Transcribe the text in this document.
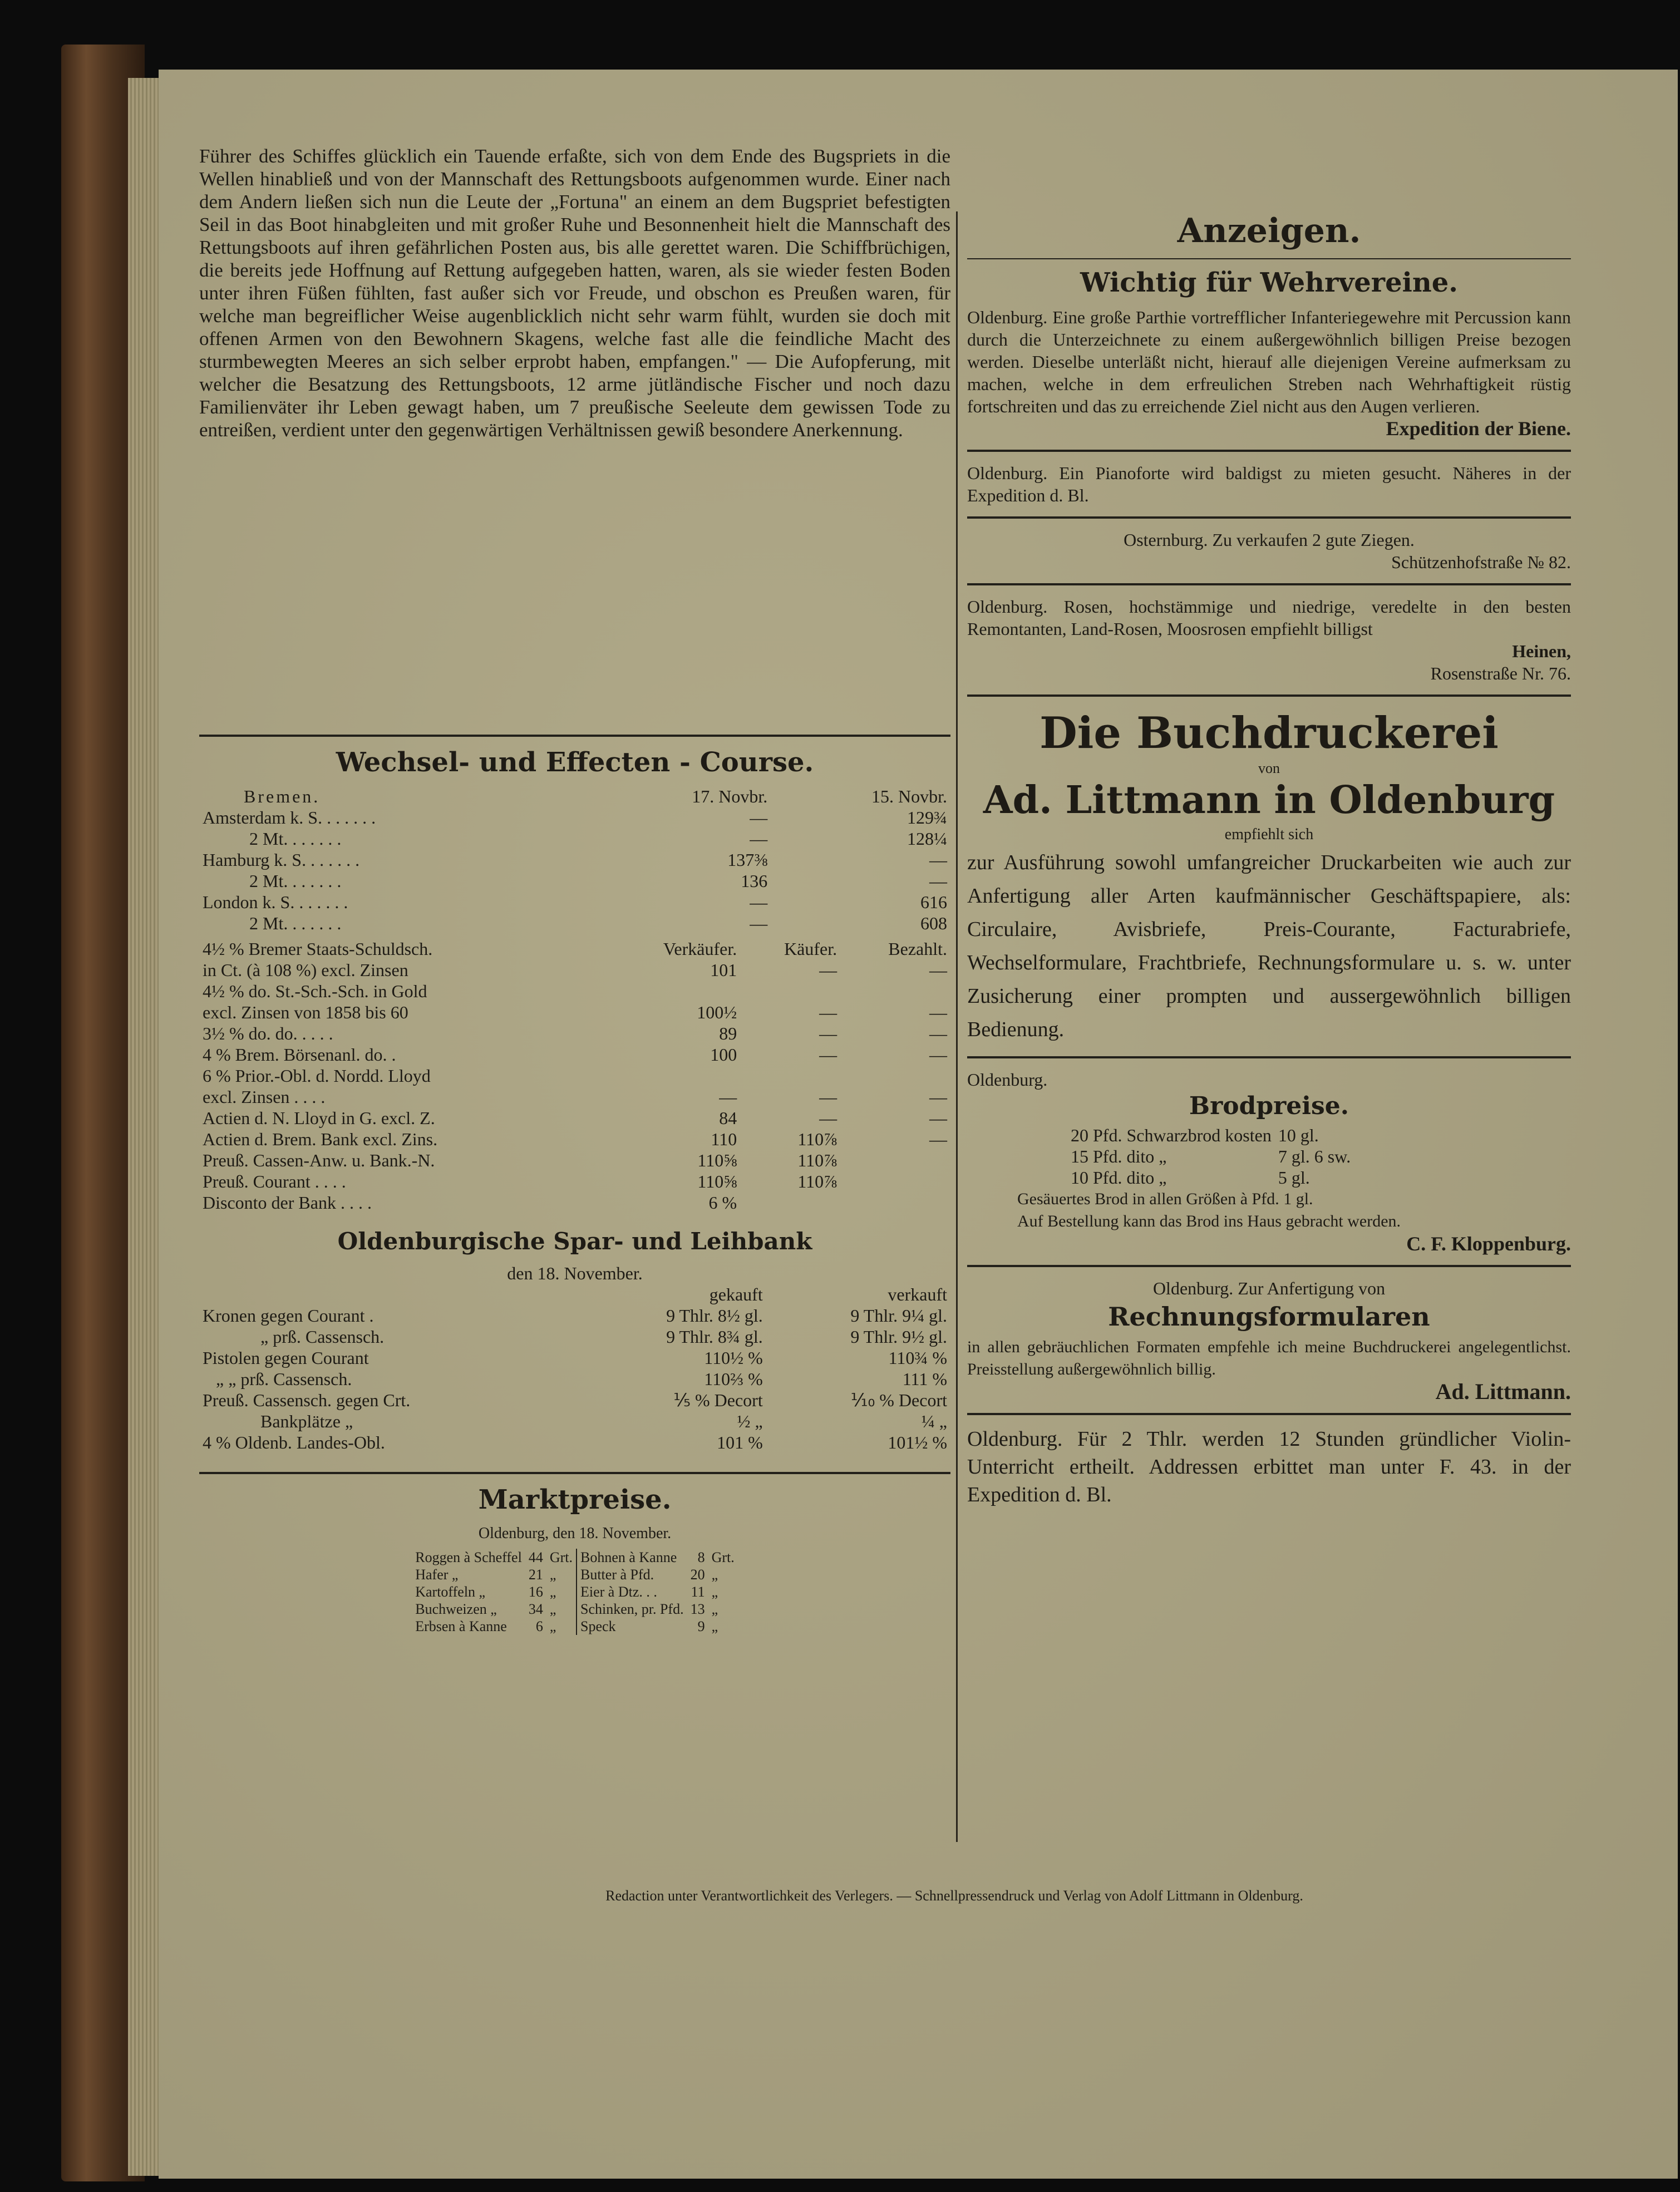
Führer des Schiffes glücklich ein Tauende erfaßte, sich von dem Ende des Bugspriets in die Wellen hinabließ und von der Mannschaft des Rettungsboots aufgenommen wurde. Einer nach dem Andern ließen sich nun die Leute der „Fortuna" an einem an dem Bugspriet befestigten Seil in das Boot hinabgleiten und mit großer Ruhe und Besonnenheit hielt die Mannschaft des Rettungsboots auf ihren gefährlichen Posten aus, bis alle gerettet waren. Die Schiffbrüchigen, die bereits jede Hoffnung auf Rettung aufgegeben hatten, waren, als sie wieder festen Boden unter ihren Füßen fühlten, fast außer sich vor Freude, und obschon es Preußen waren, für welche man begreiflicher Weise augenblicklich nicht sehr warm fühlt, wurden sie doch mit offenen Armen von den Bewohnern Skagens, welche fast alle die feindliche Macht des sturmbewegten Meeres an sich selber erprobt haben, empfangen." — Die Aufopferung, mit welcher die Besatzung des Rettungsboots, 12 arme jütländische Fischer und noch dazu Familienväter ihr Leben gewagt haben, um 7 preußische Seeleute dem gewissen Tode zu entreißen, verdient unter den gegenwärtigen Verhältnissen gewiß besondere Anerkennung.

Wechsel- und Effecten - Course.
Bremen.	17. Novbr.	15. Novbr.
Amsterdam k. S. . . . . . .	—	129¾
2 Mt. . . . . . .	—	128¼
Hamburg k. S. . . . . . .	137⅜	—
2 Mt. . . . . . .	136	—
London k. S. . . . . . .	—	616
2 Mt. . . . . . .	—	608
4½ % Bremer Staats-Schuldsch.	Verkäufer.	Käufer.	Bezahlt.
in Ct. (à 108 %) excl. Zinsen	101	—	—
4½ % do. St.-Sch.-Sch. in Gold			
excl. Zinsen von 1858 bis 60	100½	—	—
3½ % do. do. . . . .	89	—	—
4 % Brem. Börsenanl. do. .	100	—	—
6 % Prior.-Obl. d. Nordd. Lloyd			
excl. Zinsen . . . .	—	—	—
Actien d. N. Lloyd in G. excl. Z.	84	—	—
Actien d. Brem. Bank excl. Zins.	110	110⅞	—
Preuß. Cassen-Anw. u. Bank.-N.	110⅝	110⅞	
Preuß. Courant . . . .	110⅝	110⅞	
Disconto der Bank . . . .	6 %		
Oldenburgische Spar- und Leihbank

den 18. November.

	gekauft	verkauft
Kronen gegen Courant .	9 Thlr. 8½ gl.	9 Thlr. 9¼ gl.
„ prß. Cassensch.	9 Thlr. 8¾ gl.	9 Thlr. 9½ gl.
Pistolen gegen Courant	110½ %	110¾ %
„ „ prß. Cassensch.	110⅔ %	111 %
Preuß. Cassensch. gegen Crt.	⅕ % Decort	⅒ % Decort
Bankplätze „	½ „	¼ „
4 % Oldenb. Landes-Obl.	101 %	101½ %
Marktpreise.

Oldenburg, den 18. November.

Roggen à Scheffel	44	Grt.	Bohnen à Kanne	8	Grt.
Hafer „	21	„	Butter à Pfd.	20	„
Kartoffeln „	16	„	Eier à Dtz. . .	11	„
Buchweizen „	34	„	Schinken, pr. Pfd.	13	„
Erbsen à Kanne	6	„	Speck	9	„
Anzeigen.
Wichtig für Wehrvereine.

Oldenburg. Eine große Parthie vortrefflicher Infanteriegewehre mit Percussion kann durch die Unterzeichnete zu einem außergewöhnlich billigen Preise bezogen werden. Dieselbe unterläßt nicht, hierauf alle diejenigen Vereine aufmerksam zu machen, welche in dem erfreulichen Streben nach Wehrhaftigkeit rüstig fortschreiten und das zu erreichende Ziel nicht aus den Augen verlieren.

Expedition der Biene.

Oldenburg. Ein Pianoforte wird baldigst zu mieten gesucht. Näheres in der Expedition d. Bl.

Osternburg. Zu verkaufen 2 gute Ziegen.

Schützenhofstraße № 82.

Oldenburg. Rosen, hochstämmige und niedrige, veredelte in den besten Remontanten, Land-Rosen, Moosrosen empfiehlt billigst

Heinen,

Rosenstraße Nr. 76.

Die Buchdruckerei

von

Ad. Littmann in Oldenburg

empfiehlt sich

zur Ausführung sowohl umfangreicher Druckarbeiten wie auch zur Anfertigung aller Arten kaufmännischer Geschäftspapiere, als: Circulaire, Avisbriefe, Preis-Courante, Facturabriefe, Wechselformulare, Frachtbriefe, Rechnungsformulare u. s. w. unter Zusicherung einer prompten und aussergewöhnlich billigen Bedienung.

Oldenburg.

Brodpreise.
20 Pfd. Schwarzbrod kosten	10 gl.
15 Pfd. dito „	7 gl. 6 sw.
10 Pfd. dito „	5 gl.

Gesäuertes Brod in allen Größen à Pfd. 1 gl.

Auf Bestellung kann das Brod ins Haus gebracht werden.

C. F. Kloppenburg.

Oldenburg. Zur Anfertigung von

Rechnungsformularen

in allen gebräuchlichen Formaten empfehle ich meine Buchdruckerei angelegentlichst. Preisstellung außergewöhnlich billig.

Ad. Littmann.

Oldenburg. Für 2 Thlr. werden 12 Stunden gründlicher Violin-Unterricht ertheilt. Addressen erbittet man unter F. 43. in der Expedition d. Bl.

Redaction unter Verantwortlichkeit des Verlegers. — Schnellpressendruck und Verlag von Adolf Littmann in Oldenburg.
